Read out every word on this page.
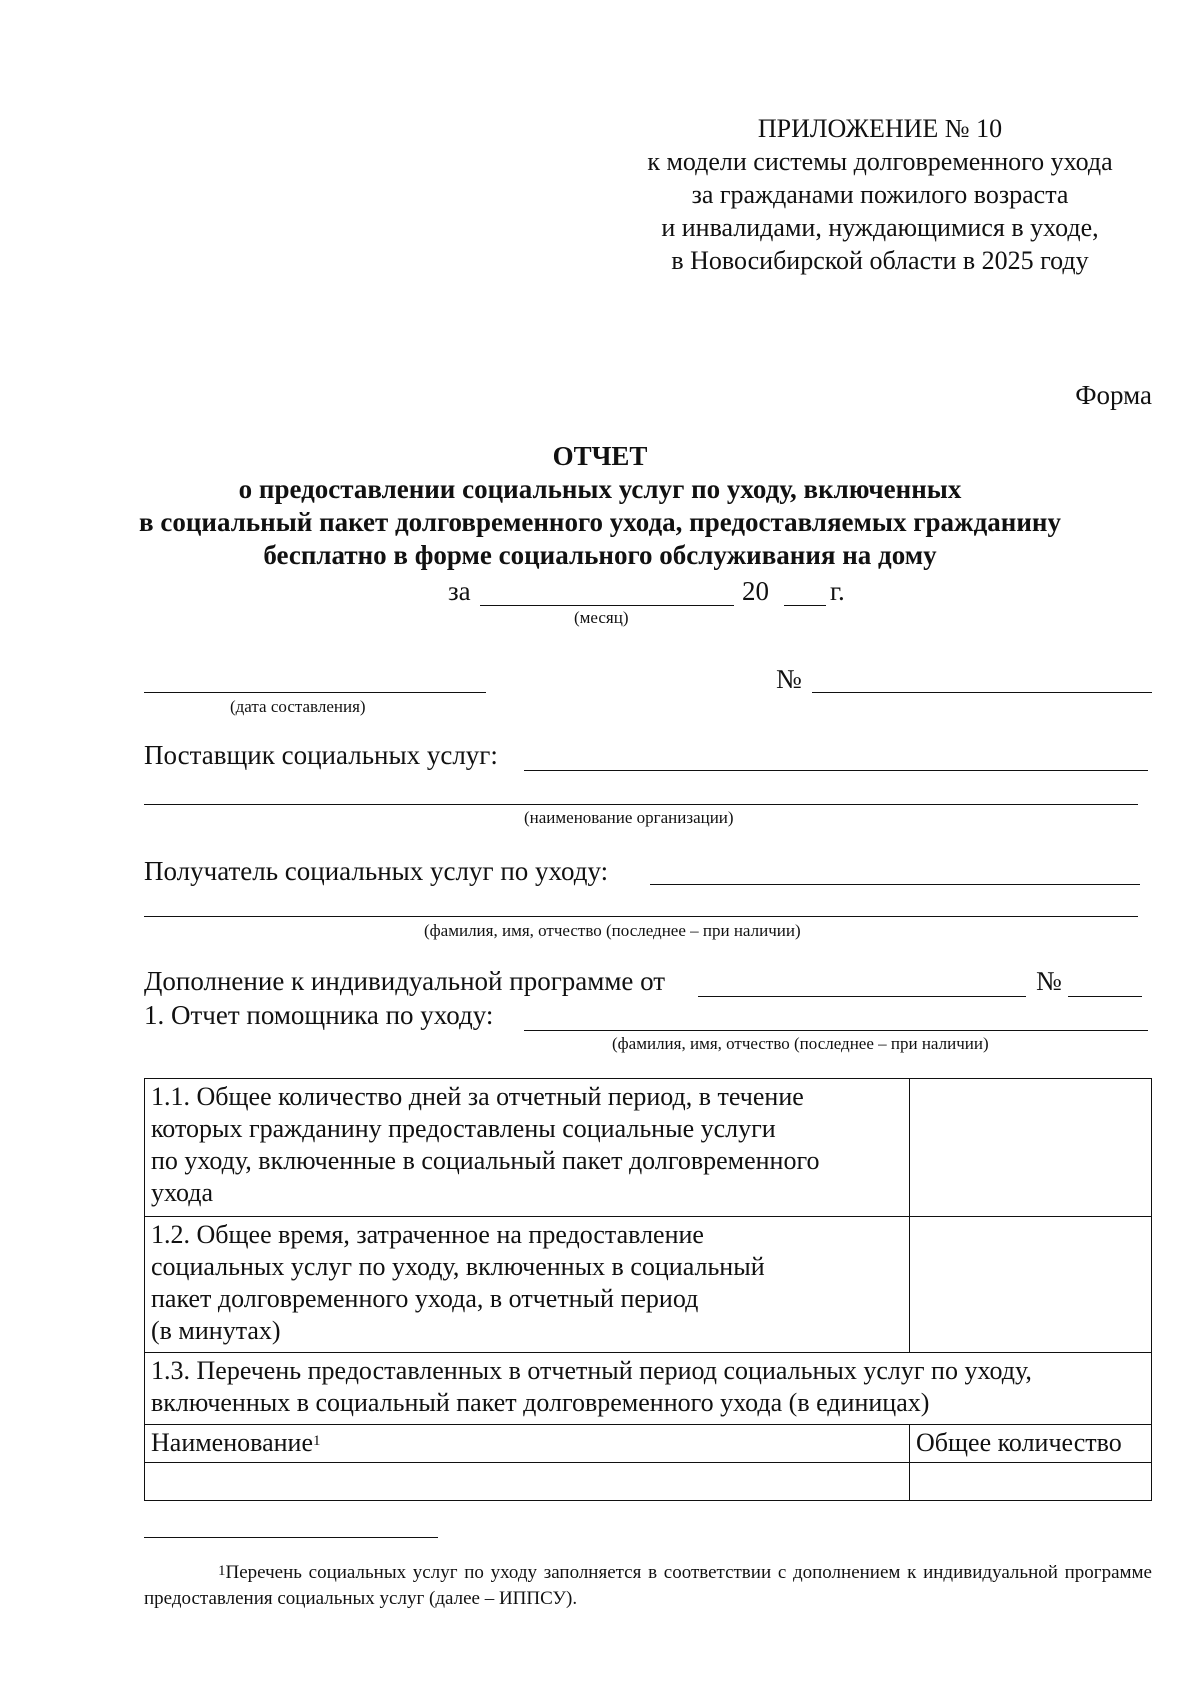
ПРИЛОЖЕНИЕ № 10
к модели системы долговременного ухода
за гражданами пожилого возраста
и инвалидами, нуждающимися в уходе,
в Новосибирской области в 2025 году
Форма
ОТЧЕТ
о предоставлении социальных услуг по уходу, включенных
в социальный пакет долговременного ухода, предоставляемых гражданину
бесплатно в форме социального обслуживания на дому
за	20 г.
(месяц)
(дата составления)
№
Поставщик социальных услуг:
(наименование организации)
Получатель социальных услуг по уходу:
(фамилия, имя, отчество (последнее – при наличии)
Дополнение к индивидуальной программе от	№
1. Отчет помощника по уходу:
(фамилия, имя, отчество (последнее – при наличии)
1.1. Общее количество дней за отчетный период, в течение
которых гражданину предоставлены социальные услуги
по уходу, включенные в социальный пакет долговременного
ухода	

1.2. Общее время, затраченное на предоставление
социальных услуг по уходу, включенных в социальный
пакет долговременного ухода, в отчетный период
(в минутах)	

1.3. Перечень предоставленных в отчетный период социальных услуг по уходу,
включенных в социальный пакет долговременного ухода (в единицах)	

Наименование$^1$	Общее количество

$^1$Перечень социальных услуг по уходу заполняется в соответствии с дополнением к индивидуальной программе предоставления социальных услуг (далее – ИППСУ).
